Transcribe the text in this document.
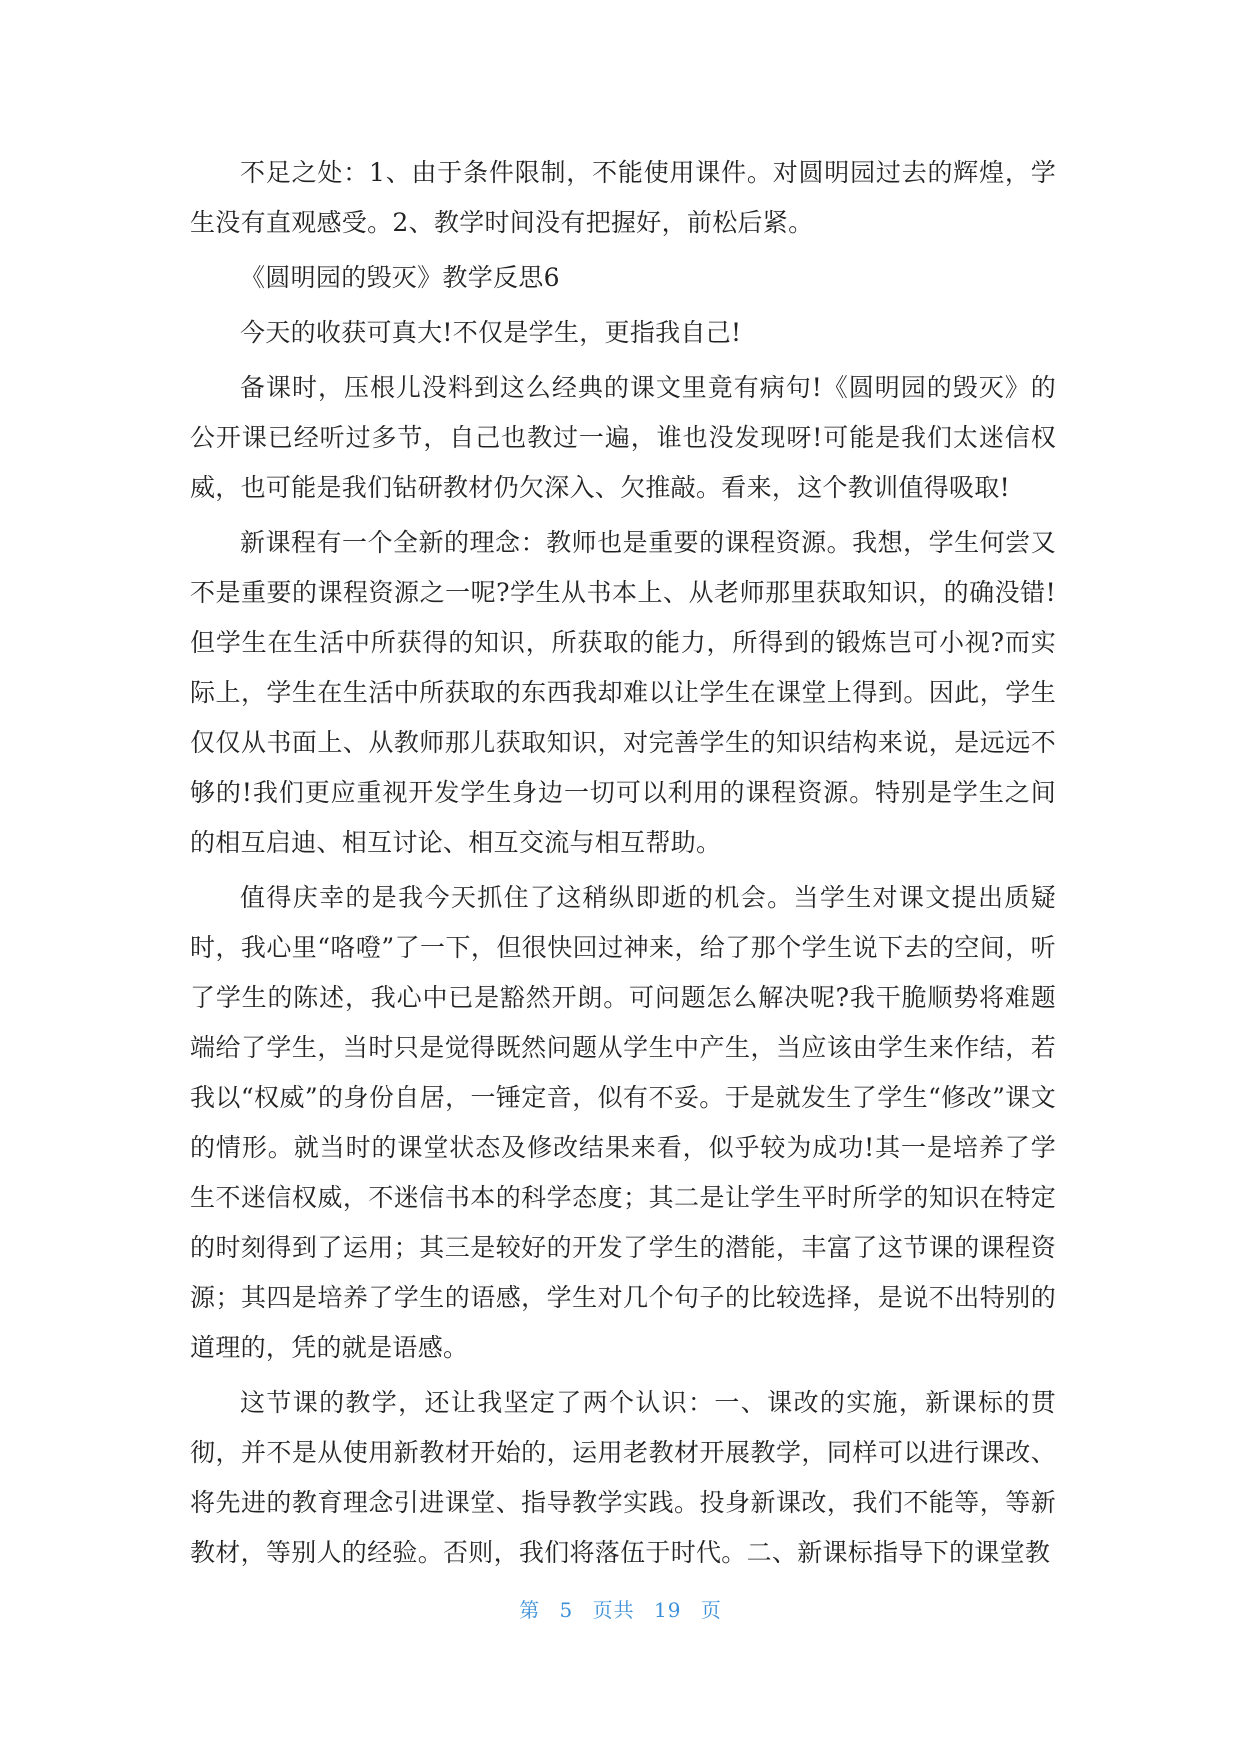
不足之处：1、由于条件限制，不能使用课件。对圆明园过去的辉煌，学生没有直观感受。2、教学时间没有把握好，前松后紧。

《圆明园的毁灭》教学反思6

今天的收获可真大!不仅是学生，更指我自己!

备课时，压根儿没料到这么经典的课文里竟有病句!《圆明园的毁灭》的公开课已经听过多节，自己也教过一遍，谁也没发现呀!可能是我们太迷信权威，也可能是我们钻研教材仍欠深入、欠推敲。看来，这个教训值得吸取!

新课程有一个全新的理念：教师也是重要的课程资源。我想，学生何尝又不是重要的课程资源之一呢?学生从书本上、从老师那里获取知识，的确没错!但学生在生活中所获得的知识，所获取的能力，所得到的锻炼岂可小视?而实际上，学生在生活中所获取的东西我却难以让学生在课堂上得到。因此，学生仅仅从书面上、从教师那儿获取知识，对完善学生的知识结构来说，是远远不够的!我们更应重视开发学生身边一切可以利用的课程资源。特别是学生之间的相互启迪、相互讨论、相互交流与相互帮助。

值得庆幸的是我今天抓住了这稍纵即逝的机会。当学生对课文提出质疑时，我心里“咯噔”了一下，但很快回过神来，给了那个学生说下去的空间，听了学生的陈述，我心中已是豁然开朗。可问题怎么解决呢?我干脆顺势将难题端给了学生，当时只是觉得既然问题从学生中产生，当应该由学生来作结，若我以“权威”的身份自居，一锤定音，似有不妥。于是就发生了学生“修改”课文的情形。就当时的课堂状态及修改结果来看，似乎较为成功!其一是培养了学生不迷信权威，不迷信书本的科学态度；其二是让学生平时所学的知识在特定的时刻得到了运用；其三是较好的开发了学生的潜能，丰富了这节课的课程资源；其四是培养了学生的语感，学生对几个句子的比较选择，是说不出特别的道理的，凭的就是语感。

这节课的教学，还让我坚定了两个认识：一、课改的实施，新课标的贯彻，并不是从使用新教材开始的，运用老教材开展教学，同样可以进行课改、将先进的教育理念引进课堂、指导教学实践。投身新课改，我们不能等，等新教材，等别人的经验。否则，我们将落伍于时代。二、新课标指导下的课堂教

第 5 页共 19 页
